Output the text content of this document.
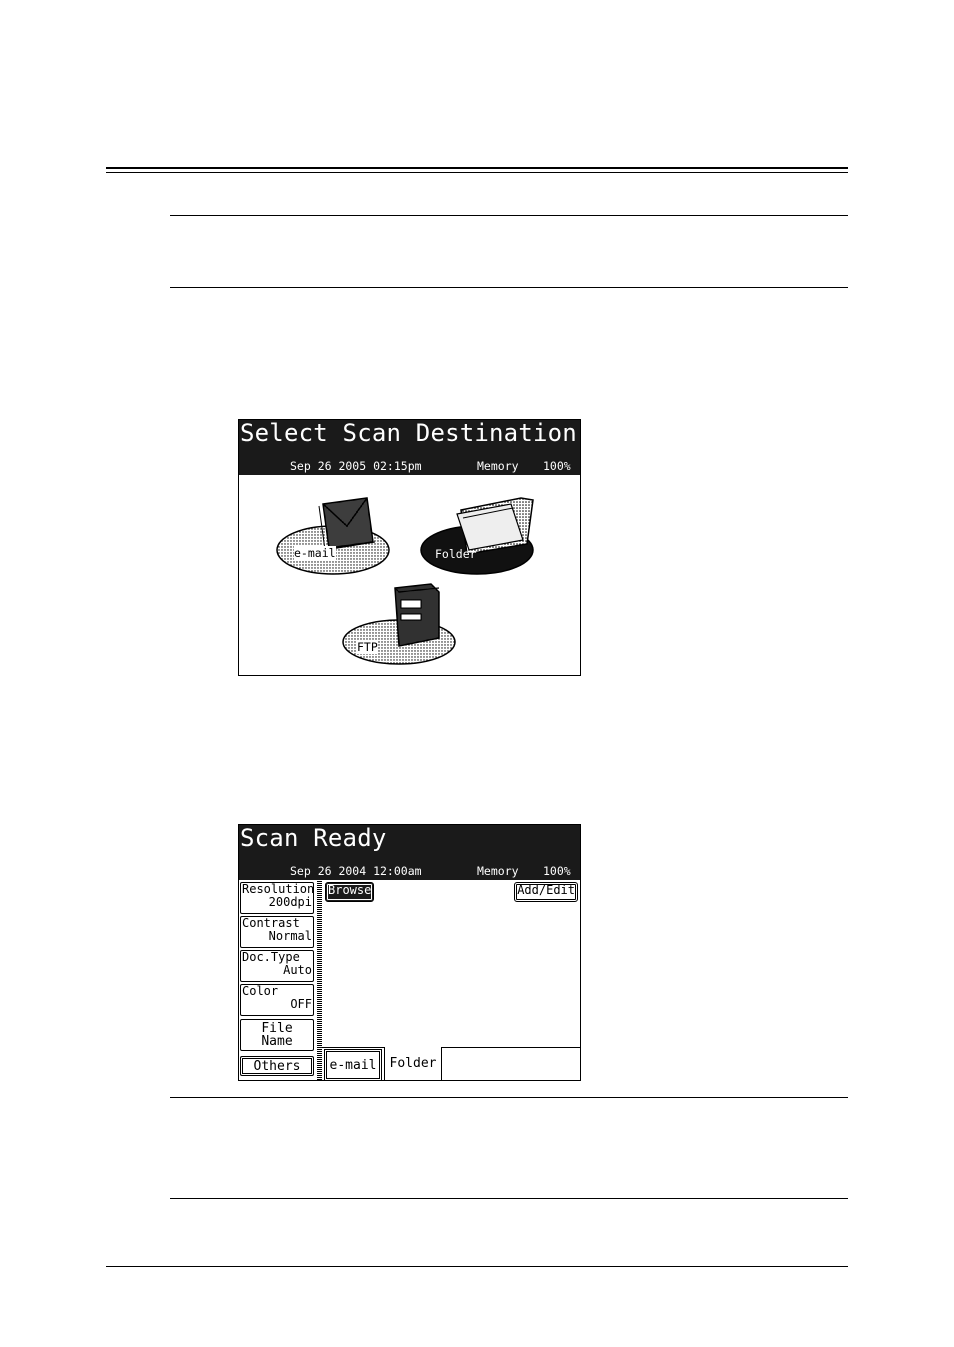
Select Scan Destination
Sep 26 2005 02:15pm	Memory 100%
e-mail	Folder
FTP
Scan Ready
Sep 26 2004 12:00am	Memory 100%
Resolution
200dpi
Contrast
Normal
Doc.Type
Auto
Color
OFF
File Name
Others
Browse	Add/Edit
e-mail Folder
